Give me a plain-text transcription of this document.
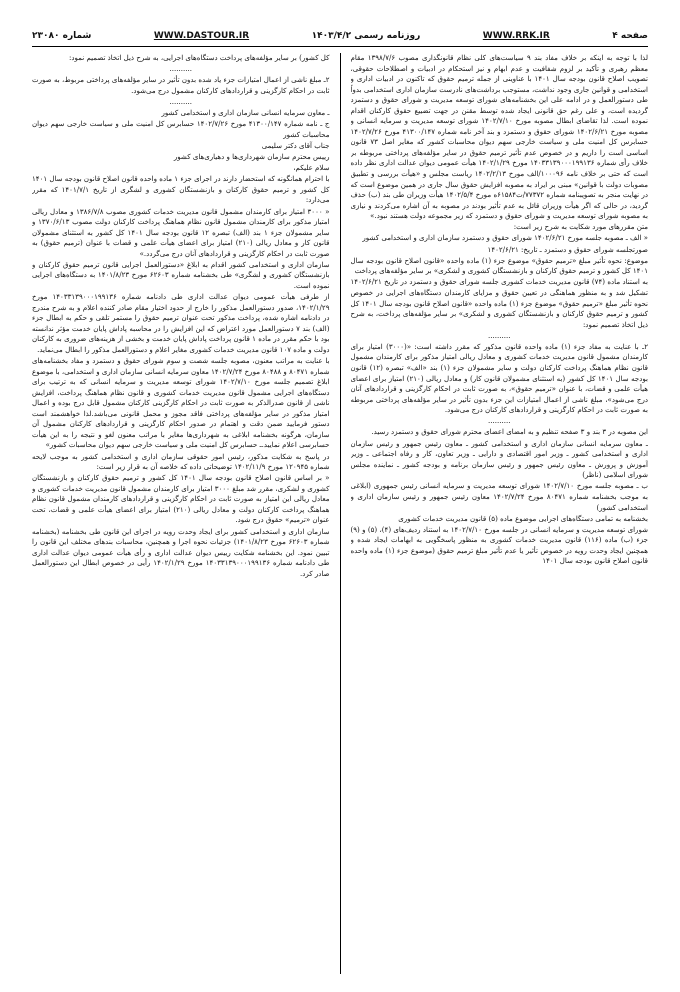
صفحه ۴
WWW.RRK.IR
روزنامه رسمی ۱۴۰۳/۴/۲
WWW.DASTOUR.IR
شماره ۲۳۰۸۰

لذا با توجه به اینکه بر خلاف مفاد بند ۹ سیاست‌های کلی نظام قانونگذاری مصوب ۱۳۹۸/۷/۶ مقام معظم رهبری و تأکید بر لزوم شفافیت و عدم ابهام و نیز استحکام در ادبیات و اصطلاحات حقوقی، تصویب اصلاح قانون بودجه سال ۱۴۰۱ با عناوینی از جمله ترمیم حقوق که تاکنون در ادبیات اداری و استخدامی و قوانین جاری وجود نداشت، مستوجب برداشت‌های نادرست سازمان اداری استخدامی بدواً طی دستورالعمل و در ادامه علی این بخشنامه‌های شورای توسعه مدیریت و شورای حقوق و دستمزد گردیده است، و علی رغم حق قانونی ایجاد شده توسط مقنن در جهت تضییع حقوق کارکنان اقدام نموده است. لذا تقاضای ابطال مصوبه مورخ ۱۴۰۲/۷/۱۰ شورای توسعه مدیریت و سرمایه انسانی و مصوبه مورخ ۱۴۰۲/۶/۲۱ شورای حقوق و دستمزد و بند آخر نامه شماره ۴۱۳۰۰/۱۴۷ مورخ ۱۴۰۲/۷/۲۶ حسابرس کل امنیت ملی و سیاست خارجی سهم دیوان محاسبات کشور که مغایر اصل ۷۳ قانون اساسی است را داریم و در خصوص عدم تأثیر ترمیم حقوق در سایر مؤلفه‌های پرداختی مربوطه بر خلاف رأی شماره ۱۴۰۳۳۱۳۹۰۰۰۱۹۹۱۳۶ مورخ ۱۴۰۲/۱/۲۹ هیأت عمومی دیوان عدالت اداری نظر داده است که حتی بر خلاف نامه ۱۰۰۰۹۶/الف مورخ ۱۴۰۲/۲/۱۳ ریاست مجلس و «هیأت بررسی و تطبیق مصوبات دولت با قوانین» مبنی بر ایراد به مصوبه افزایش حقوق سال جاری در همین موضوع است که در نهایت منجر به تصویبنامه شماره ۷۷۳۷۲/ت۶۱۵۸۴ه مورخ ۱۴۰۲/۵/۴ هیأت وزیران طی بند (ب) حذف گردید، در حالی که اگر هیأت وزیران قائل به عدم تأثیر بودند در مصوبه به آن اشاره می‌کردند و نیازی به مصوبه شورای توسعه مدیریت و شورای حقوق و دستمزد که زیر مجموعه دولت هستند نبود.»

متن مقررهای مورد شکایت به شرح زیر است:

« الف ـ مصوبه جلسه مورخ ۱۴۰۲/۶/۲۱ شورای حقوق و دستمزد سازمان اداری و استخدامی کشور

صورتجلسه شورای حقوق و دستمزد ـ تاریخ: ۱۴۰۲/۶/۲۱

موضوع: نحوه تأثیر مبلغ «ترمیم حقوق» موضوع جزء (۱) ماده واحده «قانون اصلاح قانون بودجه سال ۱۴۰۱ کل کشور و ترمیم حقوق کارکنان و بازنشستگان کشوری و لشکری» بر سایر مؤلفه‌های پرداخت

به استناد ماده (۷۴) قانون مدیریت خدمات کشوری جلسه شورای حقوق و دستمزد در تاریخ ۱۴۰۲/۶/۲۱ تشکیل شد و به منظور هماهنگی در تعیین حقوق و مزایای کارمندان دستگاه‌های اجرایی در خصوص نحوه تأثیر مبلغ «ترمیم حقوق» موضوع جزء (۱) ماده واحده «قانون اصلاح قانون بودجه سال ۱۴۰۱ کل کشور و ترمیم حقوق کارکنان و بازنشستگان کشوری و لشکری» بر سایر مؤلفه‌های پرداخت، به شرح ذیل اتخاذ تصمیم نمود:

..........

۲ـ با عنایت به مفاد جزء (۱) ماده واحده قانون مذکور که مقرر داشته است: «(۳۰۰۰) امتیاز برای کارمندان مشمول قانون مدیریت خدمات کشوری و معادل ریالی امتیاز مذکور برای کارمندان مشمول قانون نظام هماهنگ پرداخت کارکنان دولت و سایر مشمولان جزء (۱) بند «الف» تبصره (۱۲) قانون بودجه سال ۱۴۰۱ کل کشور (به استثنای مشمولان قانون کار) و معادل ریالی (۲۱۰) امتیاز برای اعضای هیأت علمی و قضات، با عنوان «ترمیم حقوق»، به صورت ثابت در احکام کارگزینی و قراردادهای آنان درج می‌شود»، مبلغ ناشی از اعمال امتیازات این جزء بدون تأثیر در سایر مؤلفه‌های پرداختی مربوطه به صورت ثابت در احکام کارگزینی و قراردادهای کارکنان درج می‌شود.

..........

این مصوبه در ۳ بند و ۳ صفحه تنظیم و به امضای اعضای محترم شورای حقوق و دستمزد رسید.

ـ معاون سرمایه انسانی سازمان اداری و استخدامی کشور ـ معاون رئیس جمهور و رئیس سازمان اداری و استخدامی کشور ـ وزیر امور اقتصادی و دارایی ـ وزیر تعاون، کار و رفاه اجتماعی ـ وزیر آموزش و پرورش ـ معاون رئیس جمهور و رئیس سازمان برنامه و بودجه کشور ـ نماینده مجلس شورای اسلامی (ناظر)

ب ـ مصوبه جلسه مورخ ۱۴۰۲/۷/۱۰ شورای توسعه مدیریت و سرمایه انسانی رئیس جمهوری (ابلاغی به موجب بخشنامه شماره ۸۰۴۷۱ مورخ ۱۴۰۲/۷/۲۴ معاون رئیس جمهور و رئیس سازمان اداری و استخدامی کشور)

بخشنامه به تمامی دستگاه‌های اجرایی موضوع ماده (۵) قانون مدیریت خدمات کشوری

شورای توسعه مدیریت و سرمایه انسانی در جلسه مورخ ۱۴۰۲/۷/۱۰ به استناد ردیف‌های (۴)، (۵) و (۹) جزء (ب) ماده (۱۱۶) قانون مدیریت خدمات کشوری به منظور پاسخگویی به ابهامات ایجاد شده و همچنین ایجاد وحدت رویه در خصوص تأثیر یا عدم تأثیر مبلغ ترمیم حقوق (موضوع جزء (۱) ماده واحده قانون اصلاح قانون بودجه سال ۱۴۰۱

کل کشور) بر سایر مؤلفه‌های پرداخت دستگاه‌های اجرایی، به شرح ذیل اتخاذ تصمیم نمود:

..........

۲ـ مبلغ ناشی از اعمال امتیازات جزء یاد شده بدون تأثیر در سایر مؤلفه‌های پرداختی مربوط، به صورت ثابت در احکام کارگزینی و قراردادهای کارکنان مشمول درج می‌شود.

..........

ـ معاون سرمایه انسانی سازمان اداری و استخدامی کشور

ج ـ نامه شماره ۴۱۳۰۰/۱۴۷ مورخ ۱۴۰۲/۷/۲۶ حسابرس کل امنیت ملی و سیاست خارجی سهم دیوان محاسبات کشور

جناب آقای دکتر سلیمی

رییس محترم سازمان شهرداری‌ها و دهیاری‌های کشور

سلام علیکم،

با احترام همانگونه که استحضار دارند در اجرای جزء ۱ ماده واحده قانون اصلاح قانون بودجه سال ۱۴۰۱ کل کشور و ترمیم حقوق کارکنان و بازنشستگان کشوری و لشگری از تاریخ ۱۴۰۱/۷/۱ که مقرر می‌دارد:

« ۳۰۰۰ امتیاز برای کارمندان مشمول قانون مدیریت خدمات کشوری مصوب ۱۳۸۶/۷/۸ و معادل ریالی امتیاز مذکور برای کارمندان مشمول قانون نظام هماهنگ پرداخت کارکنان دولت مصوب ۱۳۷۰/۶/۱۳ و سایر مشمولان جزء ۱ بند (الف) تبصره ۱۲ قانون بودجه سال ۱۴۰۱ کل کشور به استثنای مشمولان قانون کار و معادل ریالی (۲۱۰) امتیاز برای اعضای هیأت علمی و قضات با عنوان (ترمیم حقوق) به صورت ثابت در احکام کارگزینی و قراردادهای آنان درج می‌گردد.»

سازمان اداری و استخدامی کشور اقدام به ابلاغ «دستورالعمل اجرایی قانون ترمیم حقوق کارکنان و بازنشستگان کشوری و لشگری» طی بخشنامه شماره ۶۲۶۰۳ مورخ ۱۴۰۱/۸/۲۳ به دستگاه‌های اجرایی نموده است.

از طرفی هیأت عمومی دیوان عدالت اداری طی دادنامه شماره ۱۴۰۳۳۱۳۹۰۰۰۱۹۹۱۳۶ مورخ ۱۴۰۲/۱/۲۹، صدور دستورالعمل مذکور را خارج از حدود اختیار مقام صادر کننده اعلام و به شرح مندرج در دادنامه اشاره شده، پرداخت مذکور تحت عنوان ترمیم حقوق را مستمر تلقی و حکم به ابطال جزء (الف) بند ۷ دستورالعمل مورد اعتراض که این افزایش را در محاسبه پاداش پایان خدمت مؤثر ندانسته بود با حکم مقرر در ماده ۱ قانون پرداخت پاداش پایان خدمت و بخشی از هزینه‌های ضروری به کارکنان دولت و ماده ۱۰۷ قانون مدیریت خدمات کشوری مغایر اعلام و دستورالعمل مذکور را ابطال می‌نماید.

با عنایت به مراتب معنون، مصوبه جلسه شصت و سوم شورای حقوق و دستمزد و مفاد بخشنامه‌های شماره ۸۰۴۷۱ و ۸۰۴۸۸ مورخ ۱۴۰۲/۷/۲۴ معاون سرمایه انسانی سازمان اداری و استخدامی، با موضوع ابلاغ تصمیم جلسه مورخ ۱۴۰۲/۷/۱۰ شورای توسعه مدیریت و سرمایه انسانی که به ترتیب برای دستگاه‌های اجرایی مشمول قانون مدیریت خدمات کشوری و قانون نظام هماهنگ پرداخت، افزایش ناشی از قانون صدرالذکر به صورت ثابت در احکام کارگزینی کارکنان مشمول قابل درج بوده و اعمال امتیاز مذکور در سایر مؤلفه‌های پرداختی فاقد مجوز و محمل قانونی می‌باشد.لذا خواهشمند است دستور فرمایید ضمن دقت و اهتمام در صدور احکام کارگزینی و قراردادهای کارکنان مشمول آن سازمان، هرگونه بخشنامه ابلاغی به شهرداری‌ها مغایر با مراتب معنون لغو و نتیجه را به این هیأت حسابرسی اعلام نمایید.ـ حسابرس کل امنیت ملی و سیاست خارجی سهم دیوان محاسبات کشور»

در پاسخ به شکایت مذکور، رئیس امور حقوقی سازمان اداری و استخدامی کشور به موجب لایحه شماره ۱۲۰۹۴۵ مورخ ۱۴۰۲/۱۱/۹ توضیحاتی داده که خلاصه آن به قرار زیر است:

« بر اساس قانون اصلاح قانون بودجه سال ۱۴۰۱ کل کشور و ترمیم حقوق کارکنان و بازنشستگان کشوری و لشکری، مقرر شد مبلغ ۳۰۰۰ امتیاز برای کارمندان مشمول قانون مدیریت خدمات کشوری و معادل ریالی این امتیاز به صورت ثابت در احکام کارگزینی و قراردادهای کارمندان مشمول قانون نظام هماهنگ پرداخت کارکنان دولت و معادل ریالی (۲۱۰) امتیاز برای اعضای هیأت علمی و قضات، تحت عنوان «ترمیم» حقوق درج شود.

سازمان اداری و استخدامی کشور برای ایجاد وحدت رویه در اجرای این قانون طی بخشنامه (بخشنامه شماره ۶۲۶۰۳ مورخ ۱۴۰۱/۸/۲۳) جزئیات نحوه اجرا و همچنین، محاسبات بندهای مختلف این قانون را تبیین نمود. این بخشنامه شکایت رییس دیوان عدالت اداری و رأی هیأت عمومی دیوان عدالت اداری طی دادنامه شماره ۱۴۰۳۳۱۳۹۰۰۰۱۹۹۱۳۶ مورخ ۱۴۰۲/۱/۲۹ رأیی در خصوص ابطال این دستورالعمل صادر کرد.
